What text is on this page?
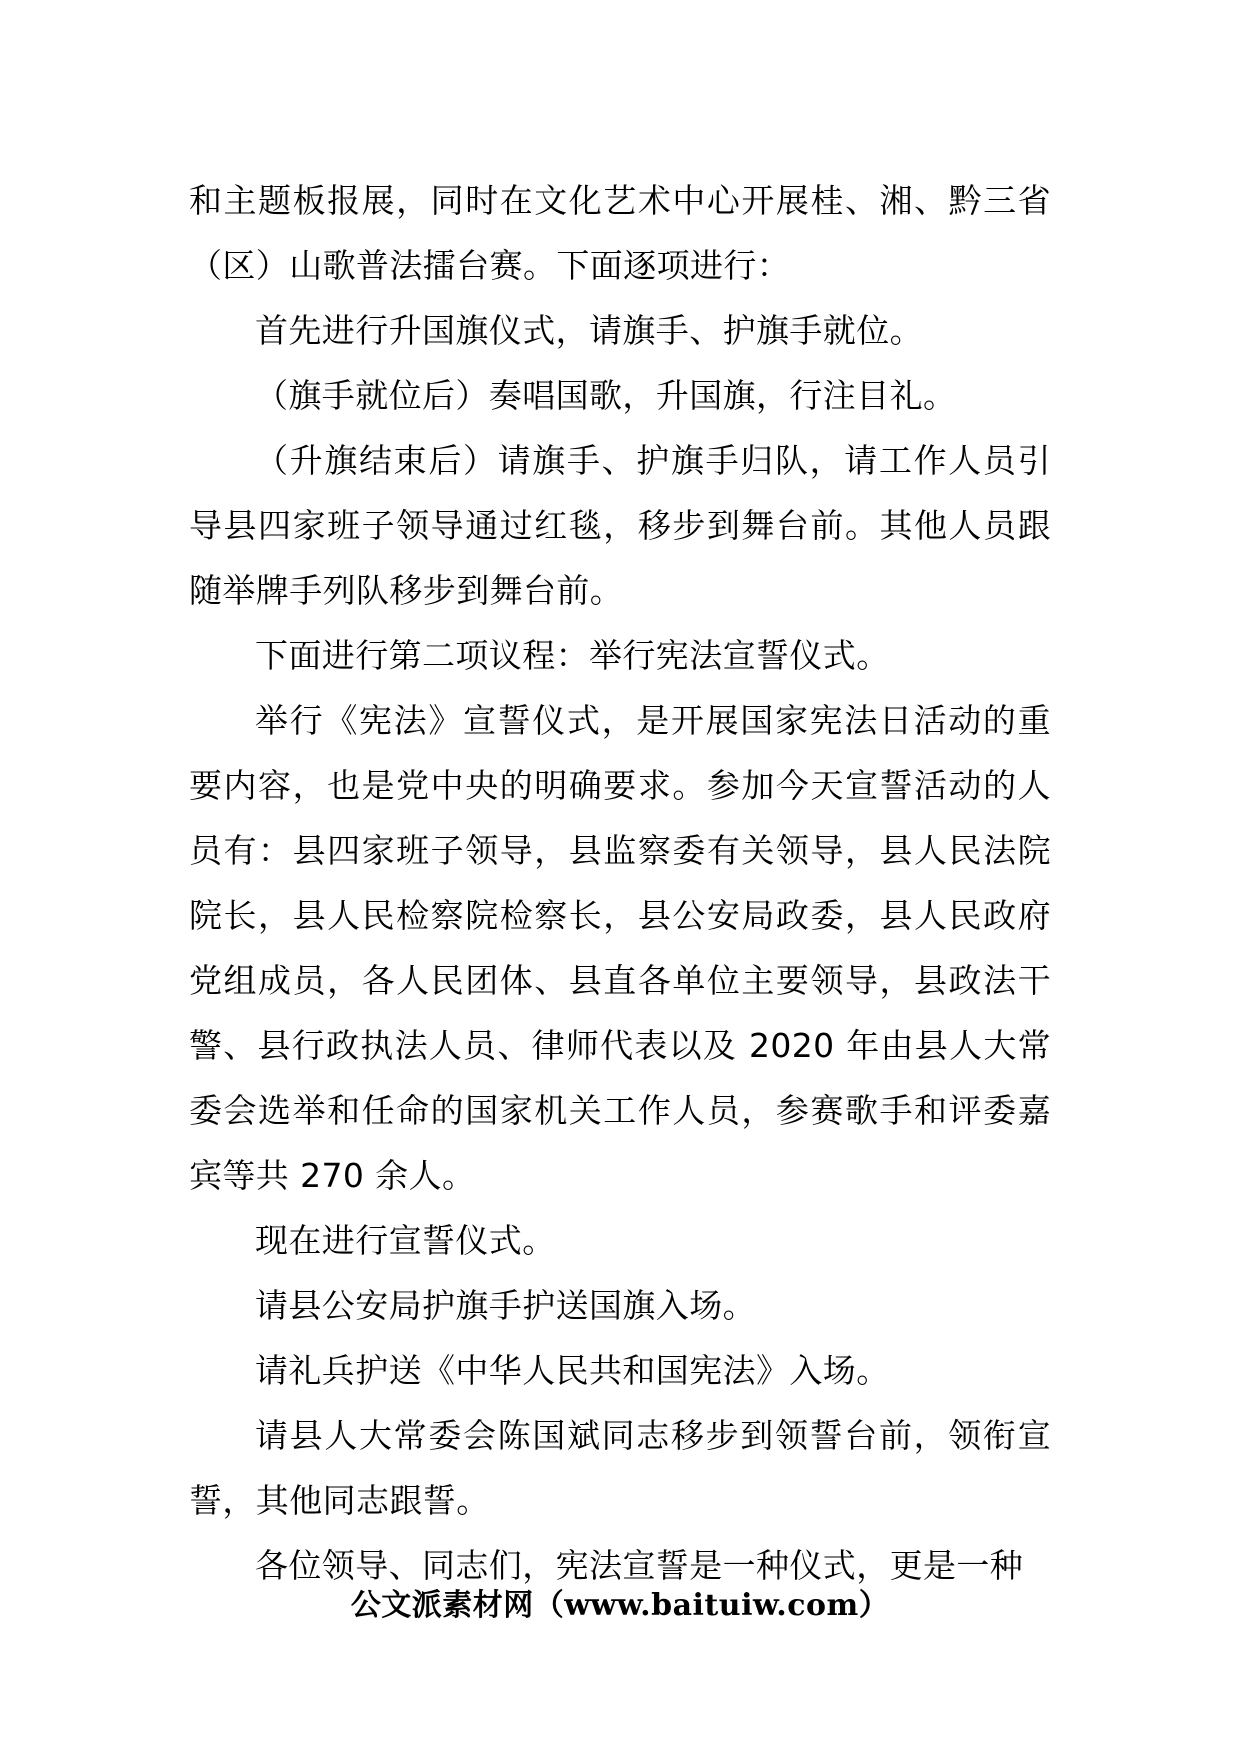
和主题板报展，同时在文化艺术中心开展桂、湘、黔三省（区）山歌普法擂台赛。下面逐项进行：

首先进行升国旗仪式，请旗手、护旗手就位。

（旗手就位后）奏唱国歌，升国旗，行注目礼。

（升旗结束后）请旗手、护旗手归队，请工作人员引导县四家班子领导通过红毯，移步到舞台前。其他人员跟随举牌手列队移步到舞台前。

下面进行第二项议程：举行宪法宣誓仪式。

举行《宪法》宣誓仪式，是开展国家宪法日活动的重要内容，也是党中央的明确要求。参加今天宣誓活动的人员有：县四家班子领导，县监察委有关领导，县人民法院院长，县人民检察院检察长，县公安局政委，县人民政府党组成员，各人民团体、县直各单位主要领导，县政法干警、县行政执法人员、律师代表以及 2020 年由县人大常委会选举和任命的国家机关工作人员，参赛歌手和评委嘉宾等共 270 余人。

现在进行宣誓仪式。

请县公安局护旗手护送国旗入场。

请礼兵护送《中华人民共和国宪法》入场。

请县人大常委会陈国斌同志移步到领誓台前，领衔宣誓，其他同志跟誓。

各位领导、同志们，宪法宣誓是一种仪式，更是一种

公文派素材网（www.baituiw.com）
